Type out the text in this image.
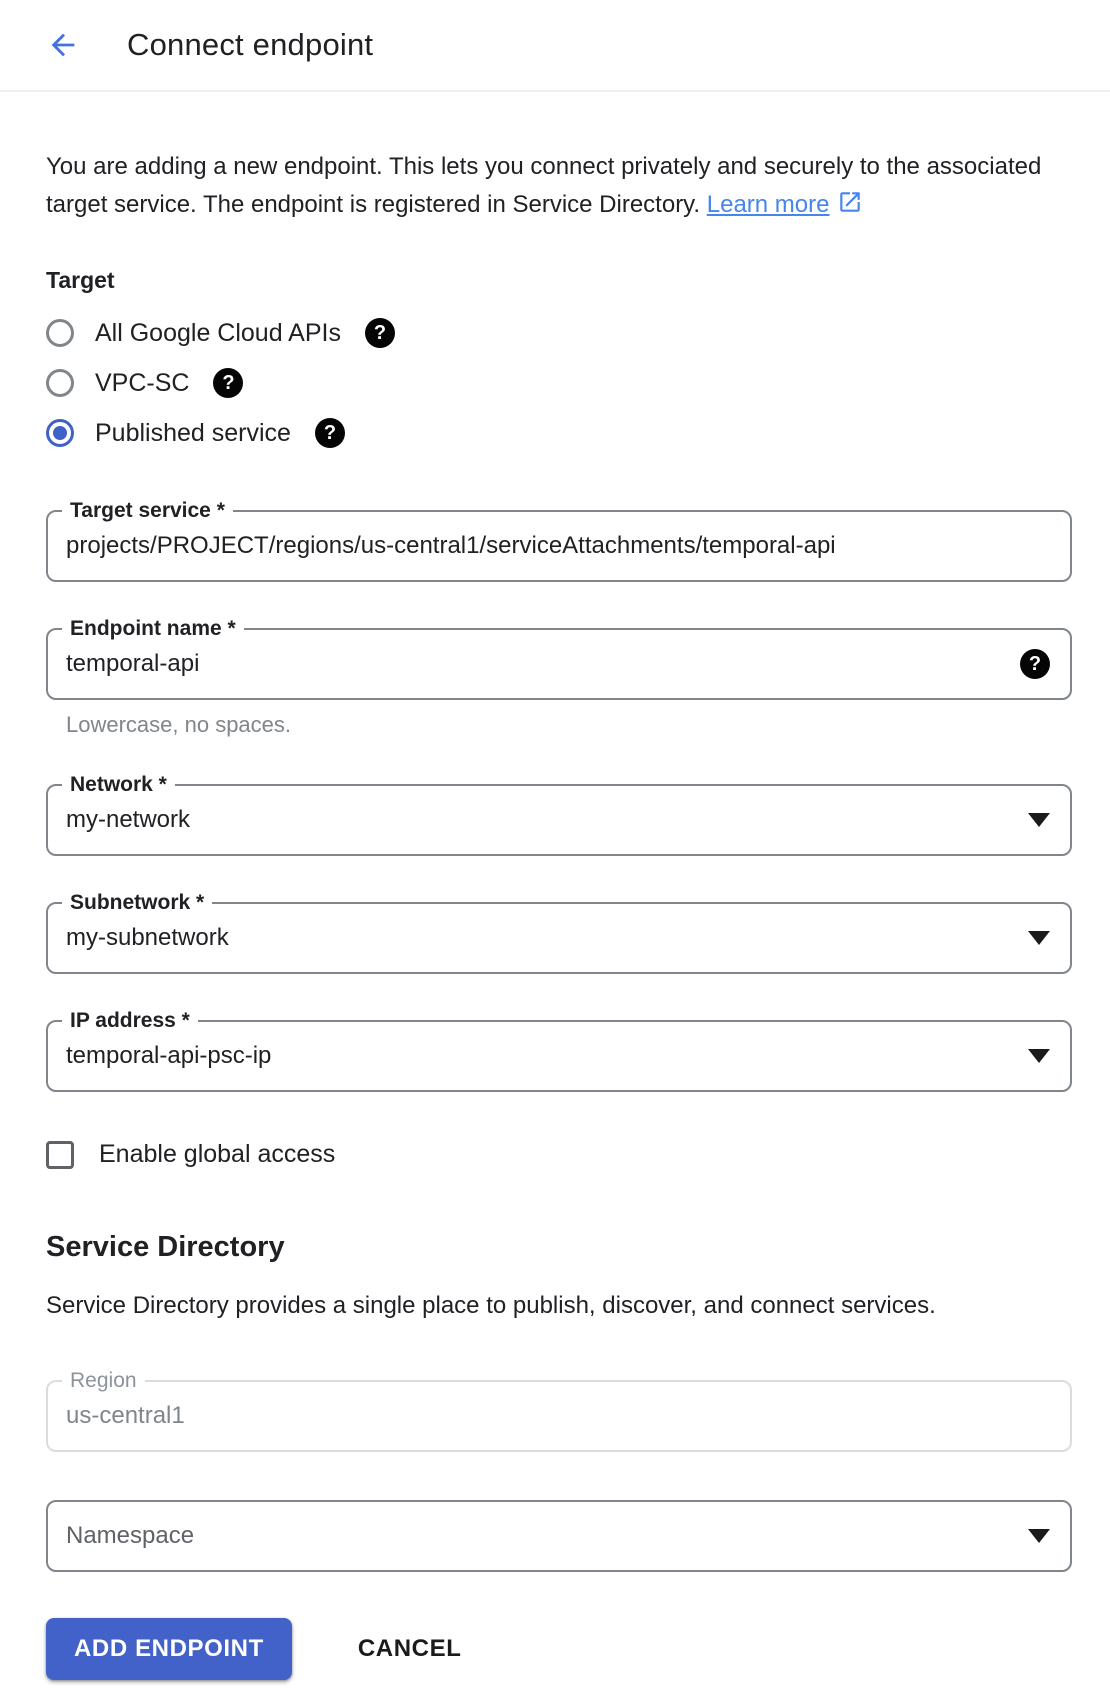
Connect endpoint

You are adding a new endpoint. This lets you connect privately and securely to the associated target service. The endpoint is registered in Service Directory. Learn more

Target
All Google Cloud APIs	?
VPC-SC	?
Published service	?
Target service *
projects/PROJECT/regions/us-central1/serviceAttachments/temporal-api
Endpoint name *
temporal-api
?
Lowercase, no spaces.
Network *
my-network
Subnetwork *
my-subnetwork
IP address *
temporal-api-psc-ip
Enable global access
Service Directory
Service Directory provides a single place to publish, discover, and connect services.
Region
us-central1
Namespace
ADD ENDPOINT	CANCEL
